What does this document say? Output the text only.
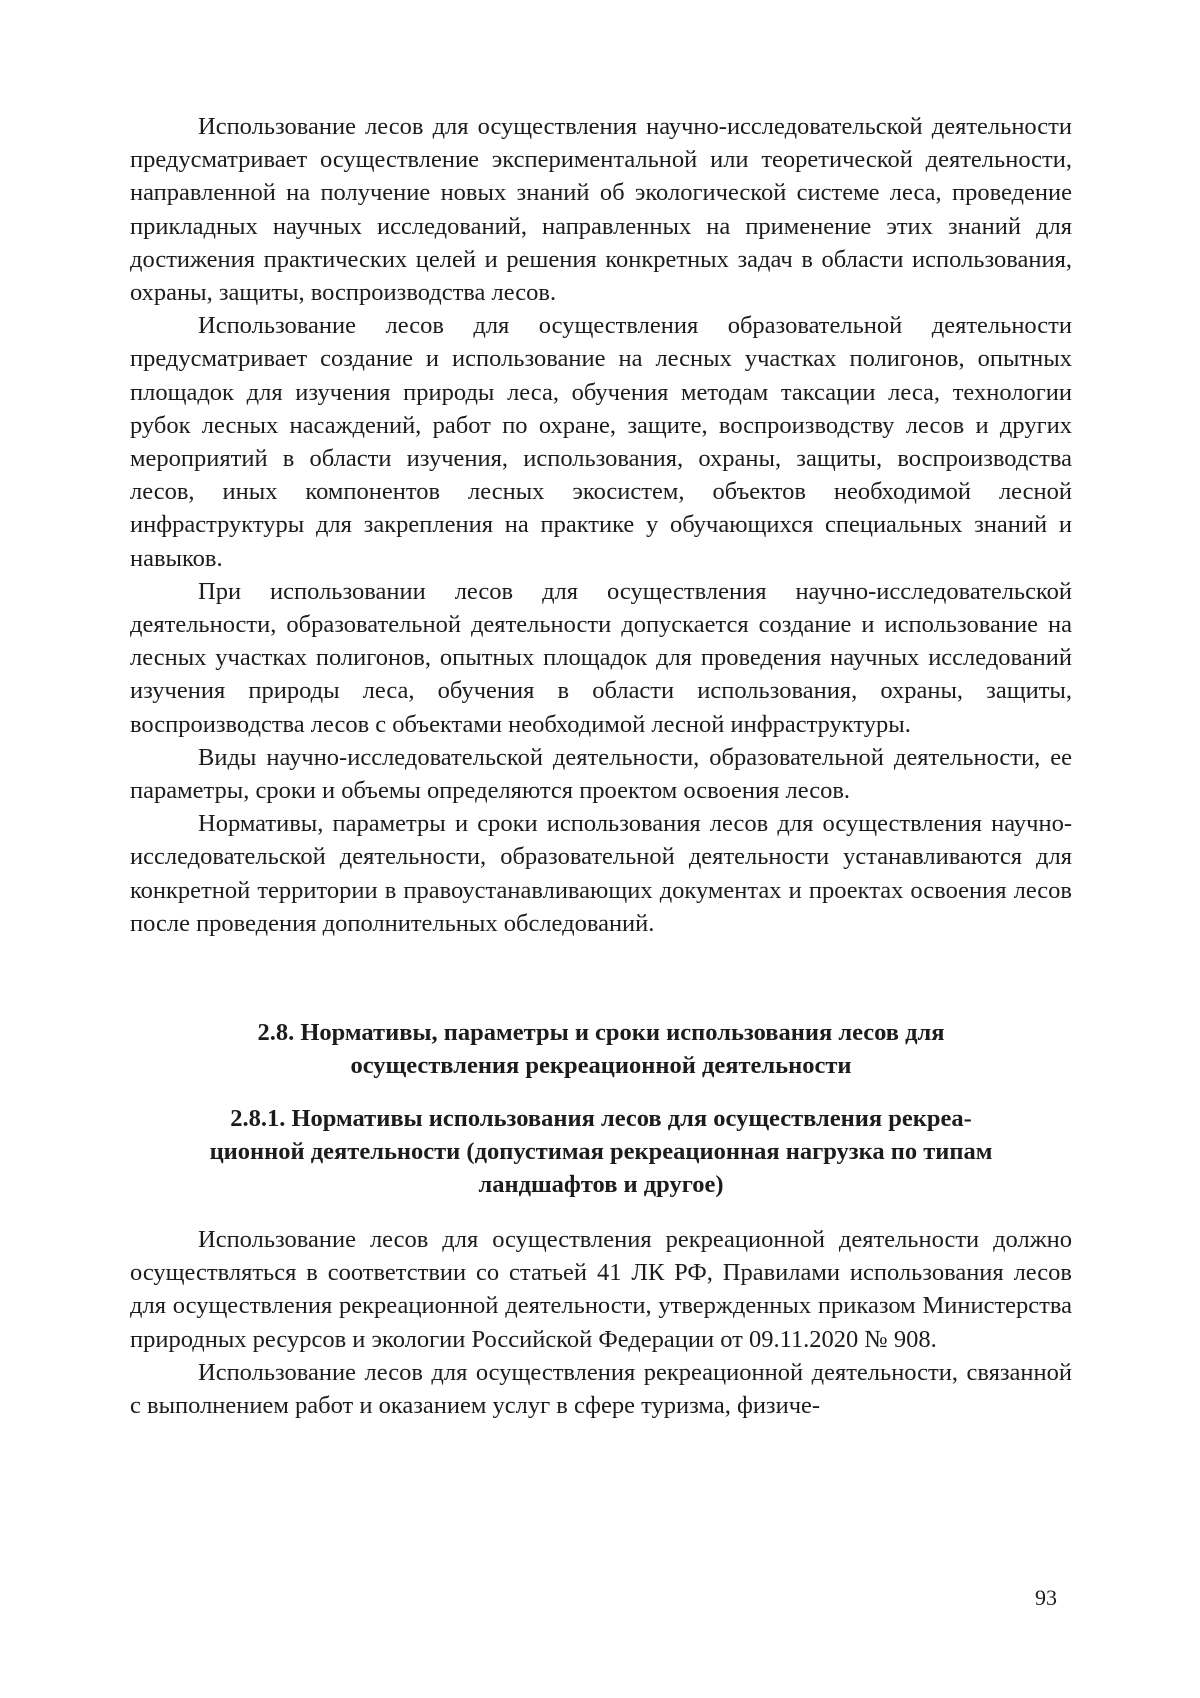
Использование лесов для осуществления научно-исследовательской деятельности предусматривает осуществление экспериментальной или теоретической деятельности, направленной на получение новых знаний об экологической системе леса, проведение прикладных научных исследований, направленных на применение этих знаний для достижения практических целей и решения конкретных задач в области использования, охраны, защиты, воспроизводства лесов.

Использование лесов для осуществления образовательной деятельности предусматривает создание и использование на лесных участках полигонов, опытных площадок для изучения природы леса, обучения методам таксации леса, технологии рубок лесных насаждений, работ по охране, защите, воспроизводству лесов и других мероприятий в области изучения, использования, охраны, защиты, воспроизводства лесов, иных компонентов лесных экосистем, объектов необходимой лесной инфраструктуры для закрепления на практике у обучающихся специальных знаний и навыков.

При использовании лесов для осуществления научно-исследовательской деятельности, образовательной деятельности допускается создание и использование на лесных участках полигонов, опытных площадок для проведения научных исследований изучения природы леса, обучения в области использования, охраны, защиты, воспроизводства лесов с объектами необходимой лесной инфраструктуры.

Виды научно-исследовательской деятельности, образовательной деятельности, ее параметры, сроки и объемы определяются проектом освоения лесов.

Нормативы, параметры и сроки использования лесов для осуществления научно-исследовательской деятельности, образовательной деятельности устанавливаются для конкретной территории в правоустанавливающих документах и проектах освоения лесов после проведения дополнительных обследований.

2.8. Нормативы, параметры и сроки использования лесов для
осуществления рекреационной деятельности
2.8.1. Нормативы использования лесов для осуществления рекреа-
ционной деятельности (допустимая рекреационная нагрузка по типам
ландшафтов и другое)

Использование лесов для осуществления рекреационной деятельности должно осуществляться в соответствии со статьей 41 ЛК РФ, Правилами использования лесов для осуществления рекреационной деятельности, утвержденных приказом Министерства природных ресурсов и экологии Российской Федерации от 09.11.2020 № 908.

Использование лесов для осуществления рекреационной деятельности, связанной с выполнением работ и оказанием услуг в сфере туризма, физиче-

93
